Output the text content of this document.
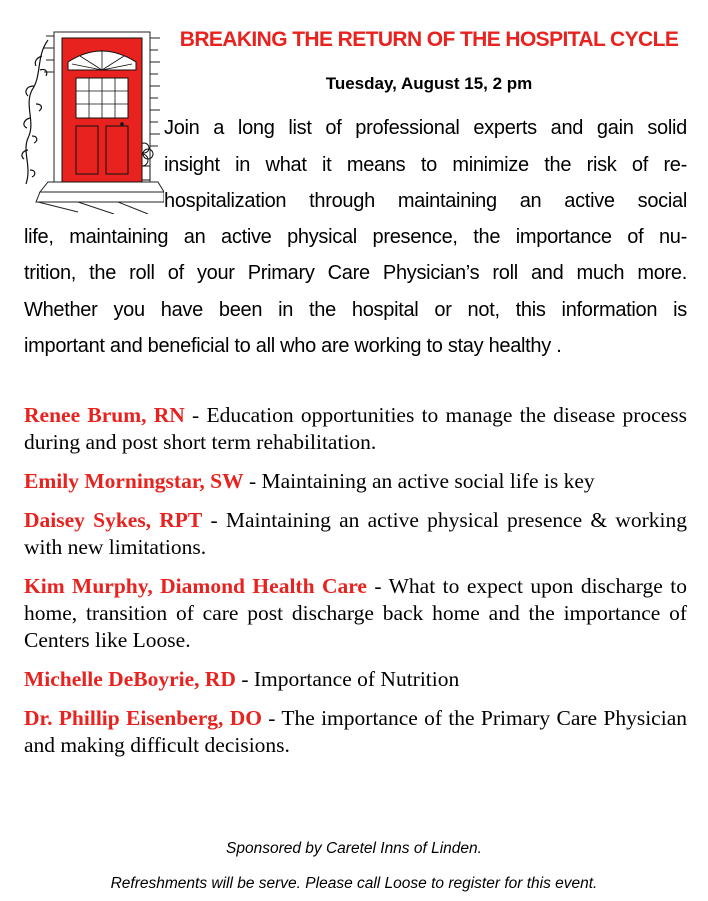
BREAKING THE RETURN OF THE HOSPITAL CYCLE
Tuesday, August 15, 2 pm
Join a long list of professional experts and gain solid
insight in what it means to minimize the risk of re-
hospitalization through maintaining an active social
life, maintaining an active physical presence, the importance of nu-
trition, the roll of your Primary Care Physician’s roll and much more.
Whether you have been in the hospital or not, this information is
important and beneficial to all who are working to stay healthy .

Renee Brum, RN - Education opportunities to manage the disease process during and post short term rehabilitation.

Emily Morningstar, SW - Maintaining an active social life is key

Daisey Sykes, RPT - Maintaining an active physical presence & working with new limitations.

Kim Murphy, Diamond Health Care - What to expect upon discharge to home, transition of care post discharge back home and the importance of Centers like Loose.

Michelle DeBoyrie, RD - Importance of Nutrition

Dr. Phillip Eisenberg, DO - The importance of the Primary Care Physician and making difficult decisions.

Sponsored by Caretel Inns of Linden.
Refreshments will be serve. Please call Loose to register for this event.
